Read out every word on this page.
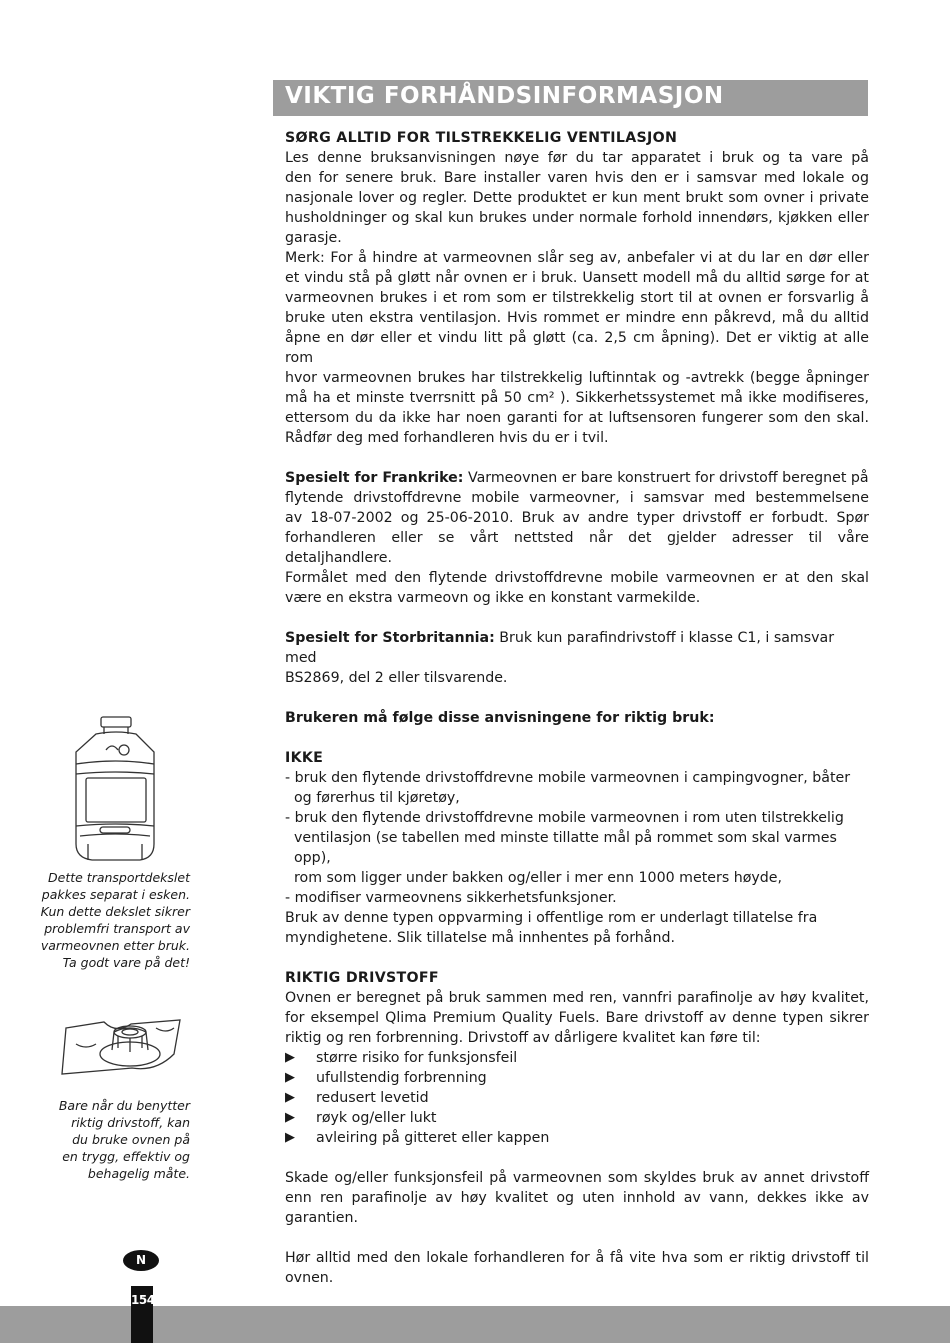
VIKTIG FORHÅNDSINFORMASJON

SØRG ALLTID FOR TILSTREKKELIG VENTILASJON

Les denne bruksanvisningen nøye før du tar apparatet i bruk og ta vare på

den for senere bruk. Bare installer varen hvis den er i samsvar med lokale og

nasjonale lover og regler. Dette produktet er kun ment brukt som ovner i private

husholdninger og skal kun brukes under normale forhold innendørs, kjøkken eller

garasje.

Merk: For å hindre at varmeovnen slår seg av, anbefaler vi at du lar en dør eller

et vindu stå på gløtt når ovnen er i bruk. Uansett modell må du alltid sørge for at

varmeovnen brukes i et rom som er tilstrekkelig stort til at ovnen er forsvarlig å

bruke uten ekstra ventilasjon. Hvis rommet er mindre enn påkrevd, må du alltid

åpne en dør eller et vindu litt på gløtt (ca. 2,5 cm åpning). Det er viktig at alle rom

hvor varmeovnen brukes har tilstrekkelig luftinntak og -avtrekk (begge åpninger

må ha et minste tverrsnitt på 50 cm² ). Sikkerhetssystemet må ikke modifiseres,

ettersom du da ikke har noen garanti for at luftsensoren fungerer som den skal.

Rådfør deg med forhandleren hvis du er i tvil.

Spesielt for Frankrike: Varmeovnen er bare konstruert for drivstoff beregnet på

flytende drivstoffdrevne mobile varmeovner, i samsvar med bestemmelsene

av 18-07-2002 og 25-06-2010. Bruk av andre typer drivstoff er forbudt. Spør

forhandleren eller se vårt nettsted når det gjelder adresser til våre detaljhandlere.

Formålet med den flytende drivstoffdrevne mobile varmeovnen er at den skal

være en ekstra varmeovn og ikke en konstant varmekilde.

Spesielt for Storbritannia: Bruk kun parafindrivstoff i klasse C1, i samsvar med

BS2869, del 2 eller tilsvarende.

Brukeren må følge disse anvisningene for riktig bruk:

IKKE

- bruk den flytende drivstoffdrevne mobile varmeovnen i campingvogner, båter

og førerhus til kjøretøy,

- bruk den flytende drivstoffdrevne mobile varmeovnen i rom uten tilstrekkelig

ventilasjon (se tabellen med minste tillatte mål på rommet som skal varmes opp),

rom som ligger under bakken og/eller i mer enn 1000 meters høyde,

- modifiser varmeovnens sikkerhetsfunksjoner.

Bruk av denne typen oppvarming i offentlige rom er underlagt tillatelse fra

myndighetene. Slik tillatelse må innhentes på forhånd.

RIKTIG DRIVSTOFF

Ovnen er beregnet på bruk sammen med ren, vannfri parafinolje av høy kvalitet,

for eksempel Qlima Premium Quality Fuels. Bare drivstoff av denne typen sikrer

riktig og ren forbrenning. Drivstoff av dårligere kvalitet kan føre til:

▶	større risiko for funksjonsfeil
▶	ufullstendig forbrenning
▶	redusert levetid
▶	røyk og/eller lukt
▶	avleiring på gitteret eller kappen

Skade og/eller funksjonsfeil på varmeovnen som skyldes bruk av annet drivstoff

enn ren parafinolje av høy kvalitet og uten innhold av vann, dekkes ikke av

garantien.

Hør alltid med den lokale forhandleren for å få vite hva som er riktig drivstoff til

ovnen.

Dette transportdekslet
pakkes separat i esken.
Kun dette dekslet sikrer
problemfri transport av
varmeovnen etter bruk.
Ta godt vare på det!
Bare når du benytter
riktig drivstoff, kan
du bruke ovnen på
en trygg, effektiv og
behagelig måte.
N
154
